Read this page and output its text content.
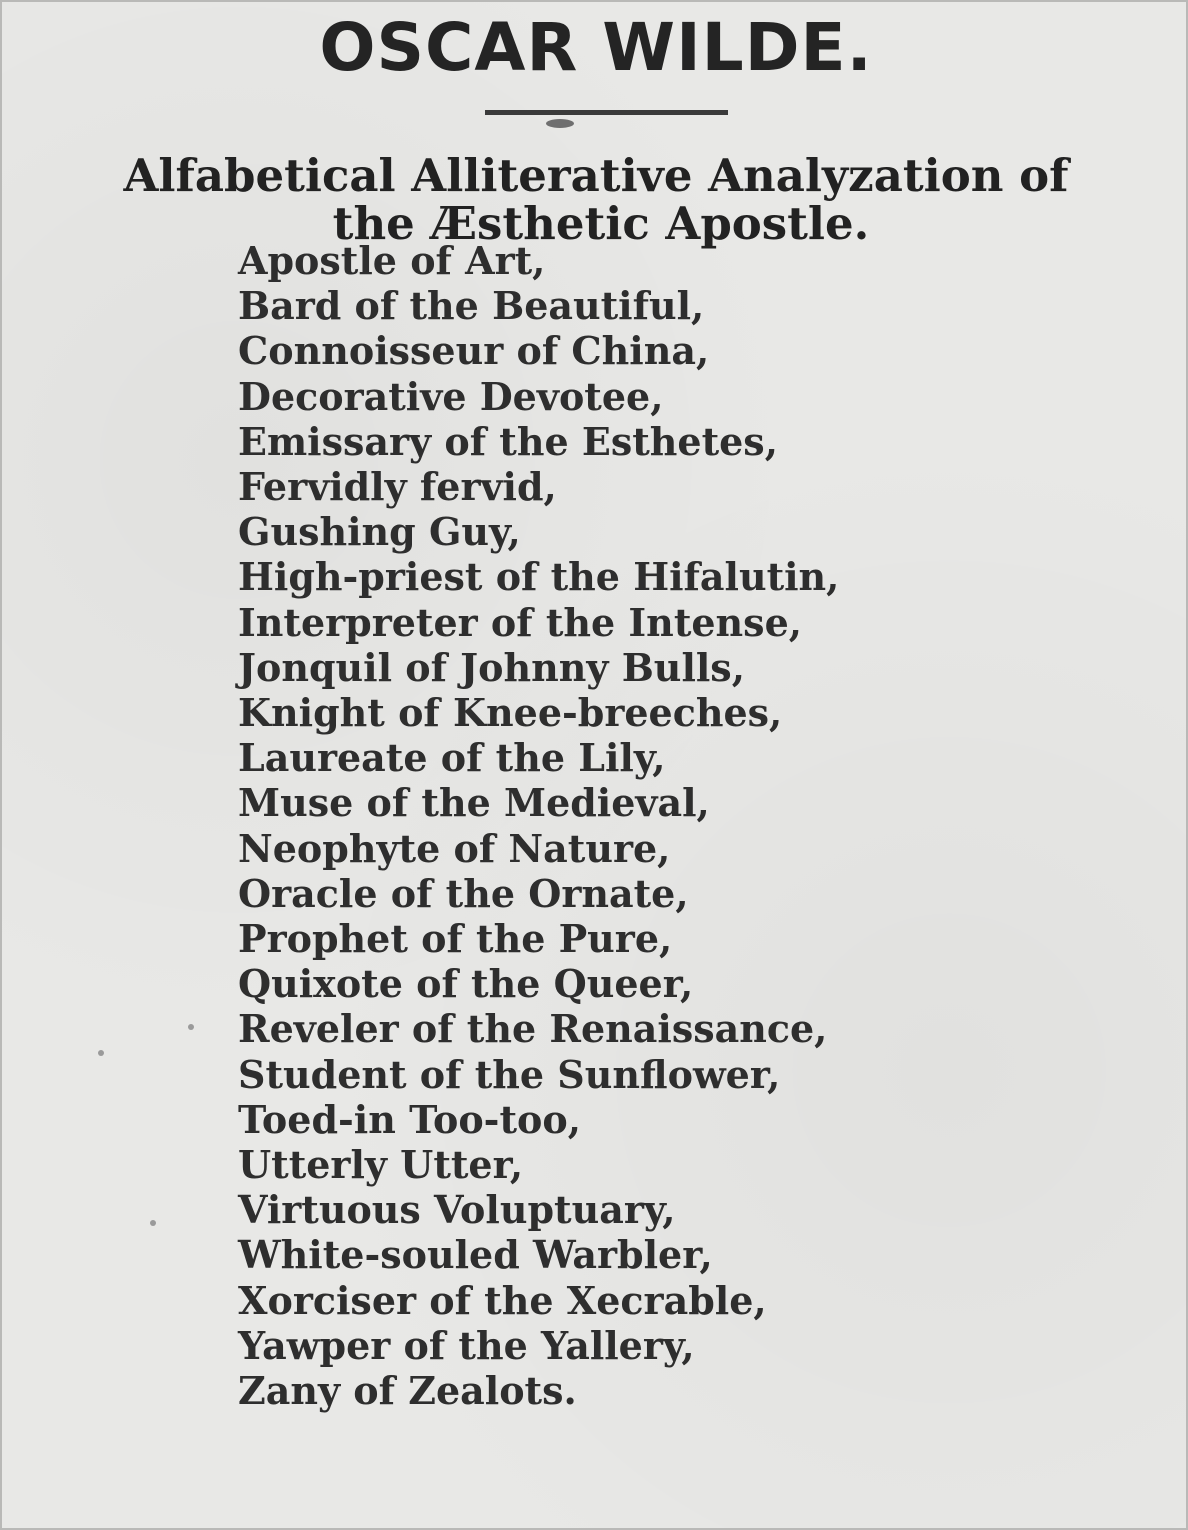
OSCAR WILDE.
Alfabetical Alliterative Analyzation of
the Æsthetic Apostle.
Apostle of Art,
Bard of the Beautiful,
Connoisseur of China,
Decorative Devotee,
Emissary of the Esthetes,
Fervidly fervid,
Gushing Guy,
High-priest of the Hifalutin,
Interpreter of the Intense,
Jonquil of Johnny Bulls,
Knight of Knee-breeches,
Laureate of the Lily,
Muse of the Medieval,
Neophyte of Nature,
Oracle of the Ornate,
Prophet of the Pure,
Quixote of the Queer,
Reveler of the Renaissance,
Student of the Sunflower,
Toed-in Too-too,
Utterly Utter,
Virtuous Voluptuary,
White-souled Warbler,
Xorciser of the Xecrable,
Yawper of the Yallery,
Zany of Zealots.
